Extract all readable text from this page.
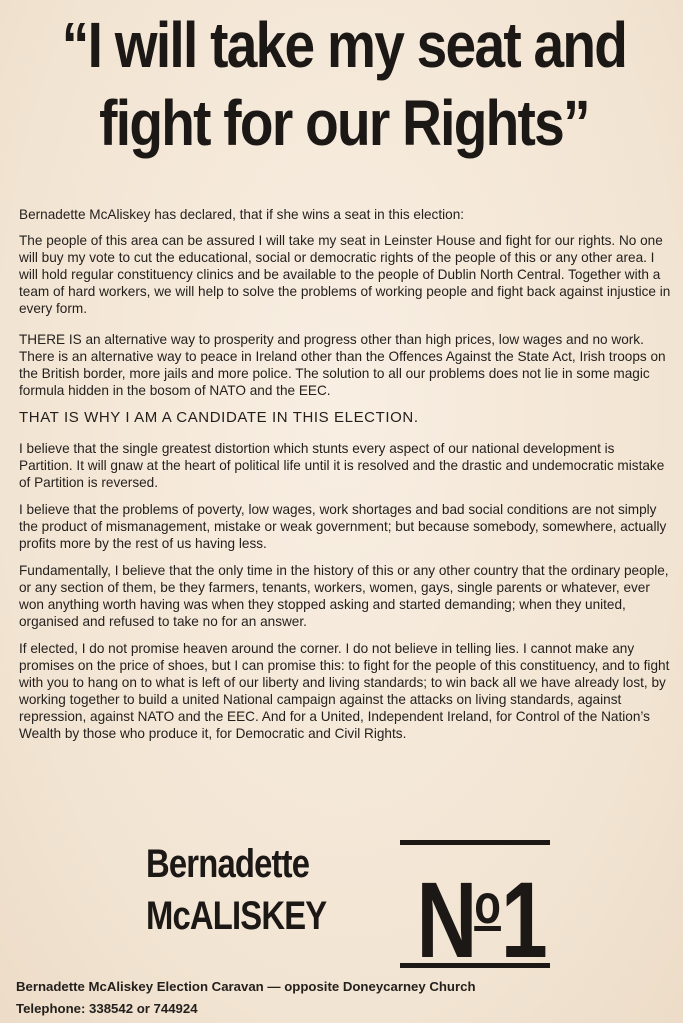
“I will take my seat and
fight for our Rights”

Bernadette McAliskey has declared, that if she wins a seat in this election:

The people of this area can be assured I will take my seat in Leinster House and fight for our rights. No one will buy my vote to cut the educational, social or democratic rights of the people of this or any other area. I will hold regular constituency clinics and be available to the people of Dublin North Central. Together with a team of hard workers, we will help to solve the problems of working people and fight back against injustice in every form.

THERE IS an alternative way to prosperity and progress other than high prices, low wages and no work. There is an alternative way to peace in Ireland other than the Offences Against the State Act, Irish troops on the British border, more jails and more police. The solution to all our problems does not lie in some magic formula hidden in the bosom of NATO and the EEC.

THAT IS WHY I AM A CANDIDATE IN THIS ELECTION.

I believe that the single greatest distortion which stunts every aspect of our national development is Partition. It will gnaw at the heart of political life until it is resolved and the drastic and undemocratic mistake of Partition is reversed.

I believe that the problems of poverty, low wages, work shortages and bad social conditions are not simply the product of mismanagement, mistake or weak government; but because somebody, somewhere, actually profits more by the rest of us having less.

Fundamentally, I believe that the only time in the history of this or any other country that the ordinary people, or any section of them, be they farmers, tenants, workers, women, gays, single parents or whatever, ever won anything worth having was when they stopped asking and started demanding; when they united, organised and refused to take no for an answer.

If elected, I do not promise heaven around the corner. I do not believe in telling lies. I cannot make any promises on the price of shoes, but I can promise this: to fight for the people of this constituency, and to fight with you to hang on to what is left of our liberty and living standards; to win back all we have already lost, by working together to build a united National campaign against the attacks on living standards, against repression, against NATO and the EEC. And for a United, Independent Ireland, for Control of the Nation’s Wealth by those who produce it, for Democratic and Civil Rights.

Bernadette
McALISKEY $N^o1$
Bernadette McAliskey Election Caravan — opposite Doneycarney Church
Telephone: 338542 or 744924
